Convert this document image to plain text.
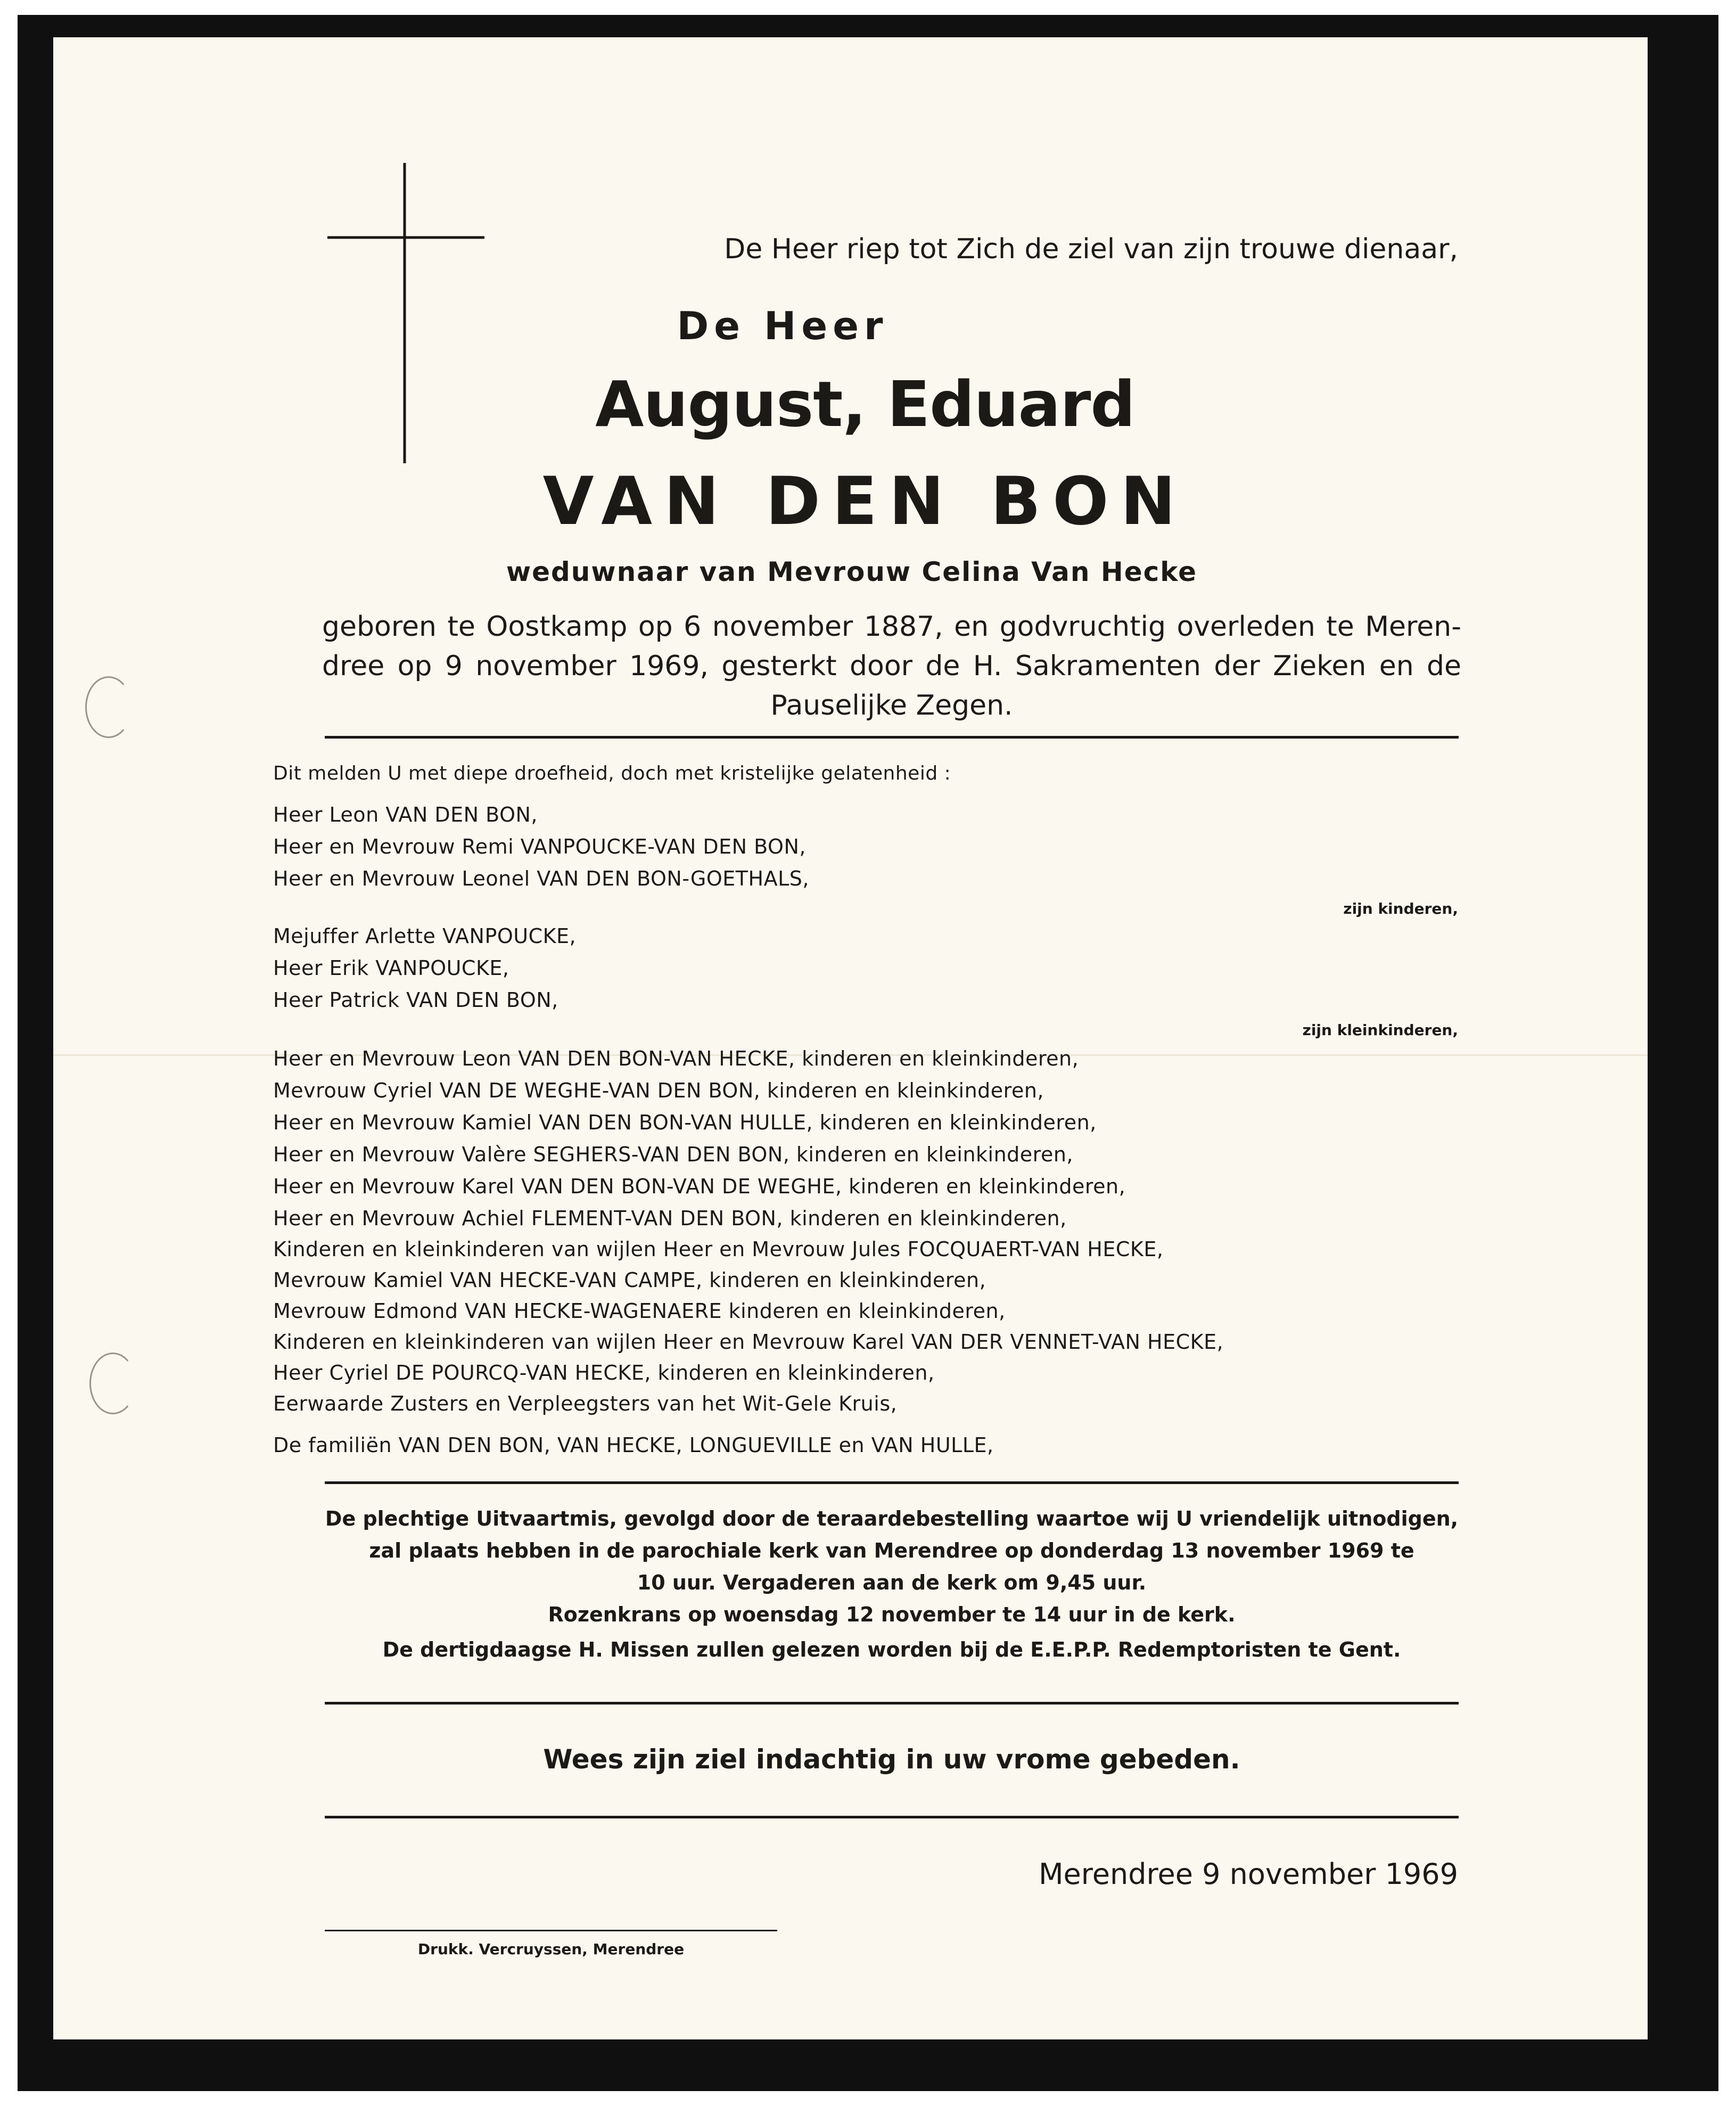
De Heer riep tot Zich de ziel van zijn trouwe dienaar,
De Heer
August, Eduard
VAN DEN BON
weduwnaar van Mevrouw Celina Van Hecke
geboren te Oostkamp op 6 november 1887, en godvruchtig overleden te Meren-
dree op 9 november 1969, gesterkt door de H. Sakramenten der Zieken en de
Pauselijke Zegen.
Dit melden U met diepe droefheid, doch met kristelijke gelatenheid :
Heer Leon VAN DEN BON,
Heer en Mevrouw Remi VANPOUCKE-VAN DEN BON,
Heer en Mevrouw Leonel VAN DEN BON-GOETHALS,
zijn kinderen,
Mejuffer Arlette VANPOUCKE,
Heer Erik VANPOUCKE,
Heer Patrick VAN DEN BON,
zijn kleinkinderen,
Heer en Mevrouw Leon VAN DEN BON-VAN HECKE, kinderen en kleinkinderen,
Mevrouw Cyriel VAN DE WEGHE-VAN DEN BON, kinderen en kleinkinderen,
Heer en Mevrouw Kamiel VAN DEN BON-VAN HULLE, kinderen en kleinkinderen,
Heer en Mevrouw Valère SEGHERS-VAN DEN BON, kinderen en kleinkinderen,
Heer en Mevrouw Karel VAN DEN BON-VAN DE WEGHE, kinderen en kleinkinderen,
Heer en Mevrouw Achiel FLEMENT-VAN DEN BON, kinderen en kleinkinderen,
Kinderen en kleinkinderen van wijlen Heer en Mevrouw Jules FOCQUAERT-VAN HECKE,
Mevrouw Kamiel VAN HECKE-VAN CAMPE, kinderen en kleinkinderen,
Mevrouw Edmond VAN HECKE-WAGENAERE kinderen en kleinkinderen,
Kinderen en kleinkinderen van wijlen Heer en Mevrouw Karel VAN DER VENNET-VAN HECKE,
Heer Cyriel DE POURCQ-VAN HECKE, kinderen en kleinkinderen,
Eerwaarde Zusters en Verpleegsters van het Wit-Gele Kruis,
De familiën VAN DEN BON, VAN HECKE, LONGUEVILLE en VAN HULLE,
De plechtige Uitvaartmis, gevolgd door de teraardebestelling waartoe wij U vriendelijk uitnodigen,
zal plaats hebben in de parochiale kerk van Merendree op donderdag 13 november 1969 te
10 uur. Vergaderen aan de kerk om 9,45 uur.
Rozenkrans op woensdag 12 november te 14 uur in de kerk.
De dertigdaagse H. Missen zullen gelezen worden bij de E.E.P.P. Redemptoristen te Gent.
Wees zijn ziel indachtig in uw vrome gebeden.
Merendree 9 november 1969
Drukk. Vercruyssen, Merendree
